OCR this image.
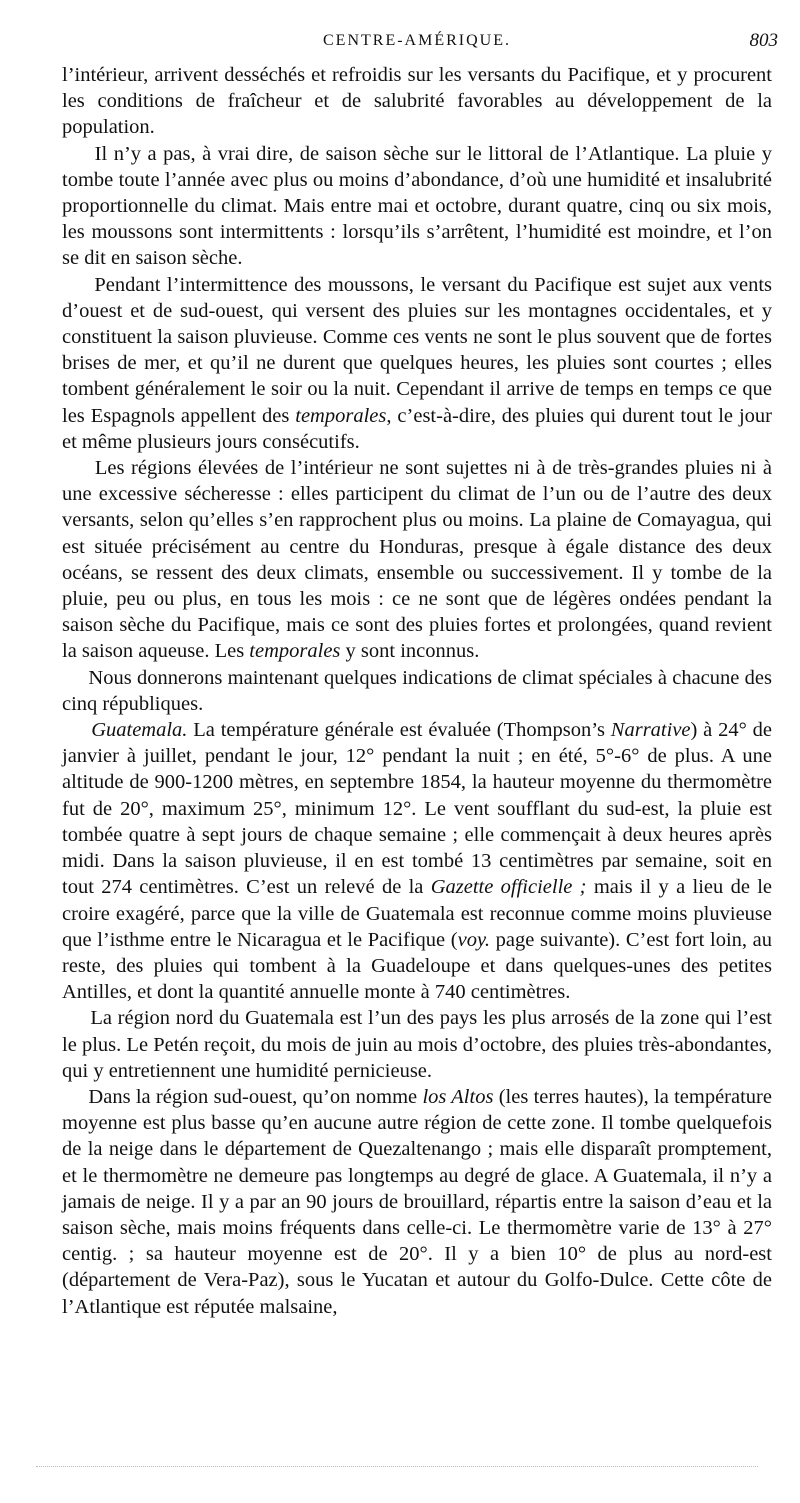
CENTRE-AMÉRIQUE.	803

l’intérieur, arrivent desséchés et refroidis sur les versants du Pacifique, et y procurent les conditions de fraîcheur et de salubrité favorables au développement de la population.

Il n’y a pas, à vrai dire, de saison sèche sur le littoral de l’Atlantique. La pluie y tombe toute l’année avec plus ou moins d’abondance, d’où une humidité et insalubrité proportionnelle du climat. Mais entre mai et octobre, durant quatre, cinq ou six mois, les moussons sont intermittents : lorsqu’ils s’arrêtent, l’humidité est moindre, et l’on se dit en saison sèche.

Pendant l’intermittence des moussons, le versant du Pacifique est sujet aux vents d’ouest et de sud-ouest, qui versent des pluies sur les montagnes occidentales, et y constituent la saison pluvieuse. Comme ces vents ne sont le plus souvent que de fortes brises de mer, et qu’il ne durent que quelques heures, les pluies sont courtes ; elles tombent généralement le soir ou la nuit. Cependant il arrive de temps en temps ce que les Espagnols appellent des temporales, c’est-à-dire, des pluies qui durent tout le jour et même plusieurs jours consécutifs.

Les régions élevées de l’intérieur ne sont sujettes ni à de très-grandes pluies ni à une excessive sécheresse : elles participent du climat de l’un ou de l’autre des deux versants, selon qu’elles s’en rapprochent plus ou moins. La plaine de Comayagua, qui est située précisément au centre du Honduras, presque à égale distance des deux océans, se ressent des deux climats, ensemble ou successivement. Il y tombe de la pluie, peu ou plus, en tous les mois : ce ne sont que de légères ondées pendant la saison sèche du Pacifique, mais ce sont des pluies fortes et prolongées, quand revient la saison aqueuse. Les temporales y sont inconnus.

Nous donnerons maintenant quelques indications de climat spéciales à chacune des cinq républiques.

Guatemala. La température générale est évaluée (Thompson’s Narrative) à 24° de janvier à juillet, pendant le jour, 12° pendant la nuit ; en été, 5°-6° de plus. A une altitude de 900-1200 mètres, en septembre 1854, la hauteur moyenne du thermomètre fut de 20°, maximum 25°, minimum 12°. Le vent soufflant du sud-est, la pluie est tombée quatre à sept jours de chaque semaine ; elle commençait à deux heures après midi. Dans la saison pluvieuse, il en est tombé 13 centimètres par semaine, soit en tout 274 centimètres. C’est un relevé de la Gazette officielle ; mais il y a lieu de le croire exagéré, parce que la ville de Guatemala est reconnue comme moins pluvieuse que l’isthme entre le Nicaragua et le Pacifique (voy. page suivante). C’est fort loin, au reste, des pluies qui tombent à la Guadeloupe et dans quelques-unes des petites Antilles, et dont la quantité annuelle monte à 740 centimètres.

La région nord du Guatemala est l’un des pays les plus arrosés de la zone qui l’est le plus. Le Petén reçoit, du mois de juin au mois d’octobre, des pluies très-abondantes, qui y entretiennent une humidité pernicieuse.

Dans la région sud-ouest, qu’on nomme los Altos (les terres hautes), la température moyenne est plus basse qu’en aucune autre région de cette zone. Il tombe quelquefois de la neige dans le département de Quezaltenango ; mais elle disparaît promptement, et le thermomètre ne demeure pas longtemps au degré de glace. A Guatemala, il n’y a jamais de neige. Il y a par an 90 jours de brouillard, répartis entre la saison d’eau et la saison sèche, mais moins fréquents dans celle-ci. Le thermomètre varie de 13° à 27° centig. ; sa hauteur moyenne est de 20°. Il y a bien 10° de plus au nord-est (département de Vera-Paz), sous le Yucatan et autour du Golfo-Dulce. Cette côte de l’Atlantique est réputée malsaine,
